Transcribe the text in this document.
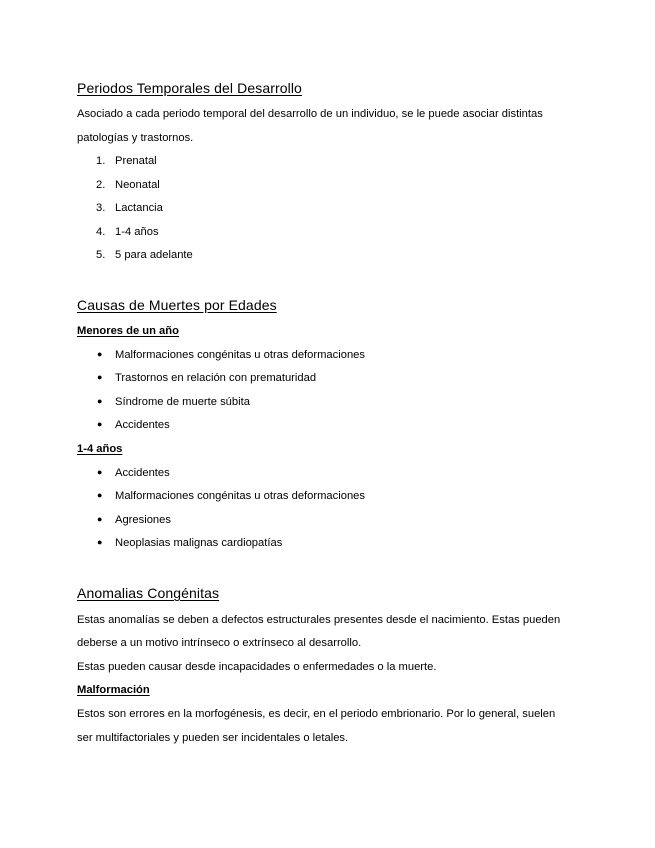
Periodos Temporales del Desarrollo
Asociado a cada periodo temporal del desarrollo de un individuo, se le puede asociar distintas
patologías y trastornos.
1. Prenatal
2. Neonatal
3. Lactancia
4. 1-4 años
5. 5 para adelante
Causas de Muertes por Edades
Menores de un año
● Malformaciones congénitas u otras deformaciones
● Trastornos en relación con prematuridad
● Síndrome de muerte súbita
● Accidentes
1-4 años
● Accidentes
● Malformaciones congénitas u otras deformaciones
● Agresiones
● Neoplasias malignas cardiopatías
Anomalias Congénitas
Estas anomalías se deben a defectos estructurales presentes desde el nacimiento. Estas pueden
deberse a un motivo intrínseco o extrínseco al desarrollo.
Estas pueden causar desde incapacidades o enfermedades o la muerte.
Malformación
Estos son errores en la morfogénesis, es decir, en el periodo embrionario. Por lo general, suelen
ser multifactoriales y pueden ser incidentales o letales.
